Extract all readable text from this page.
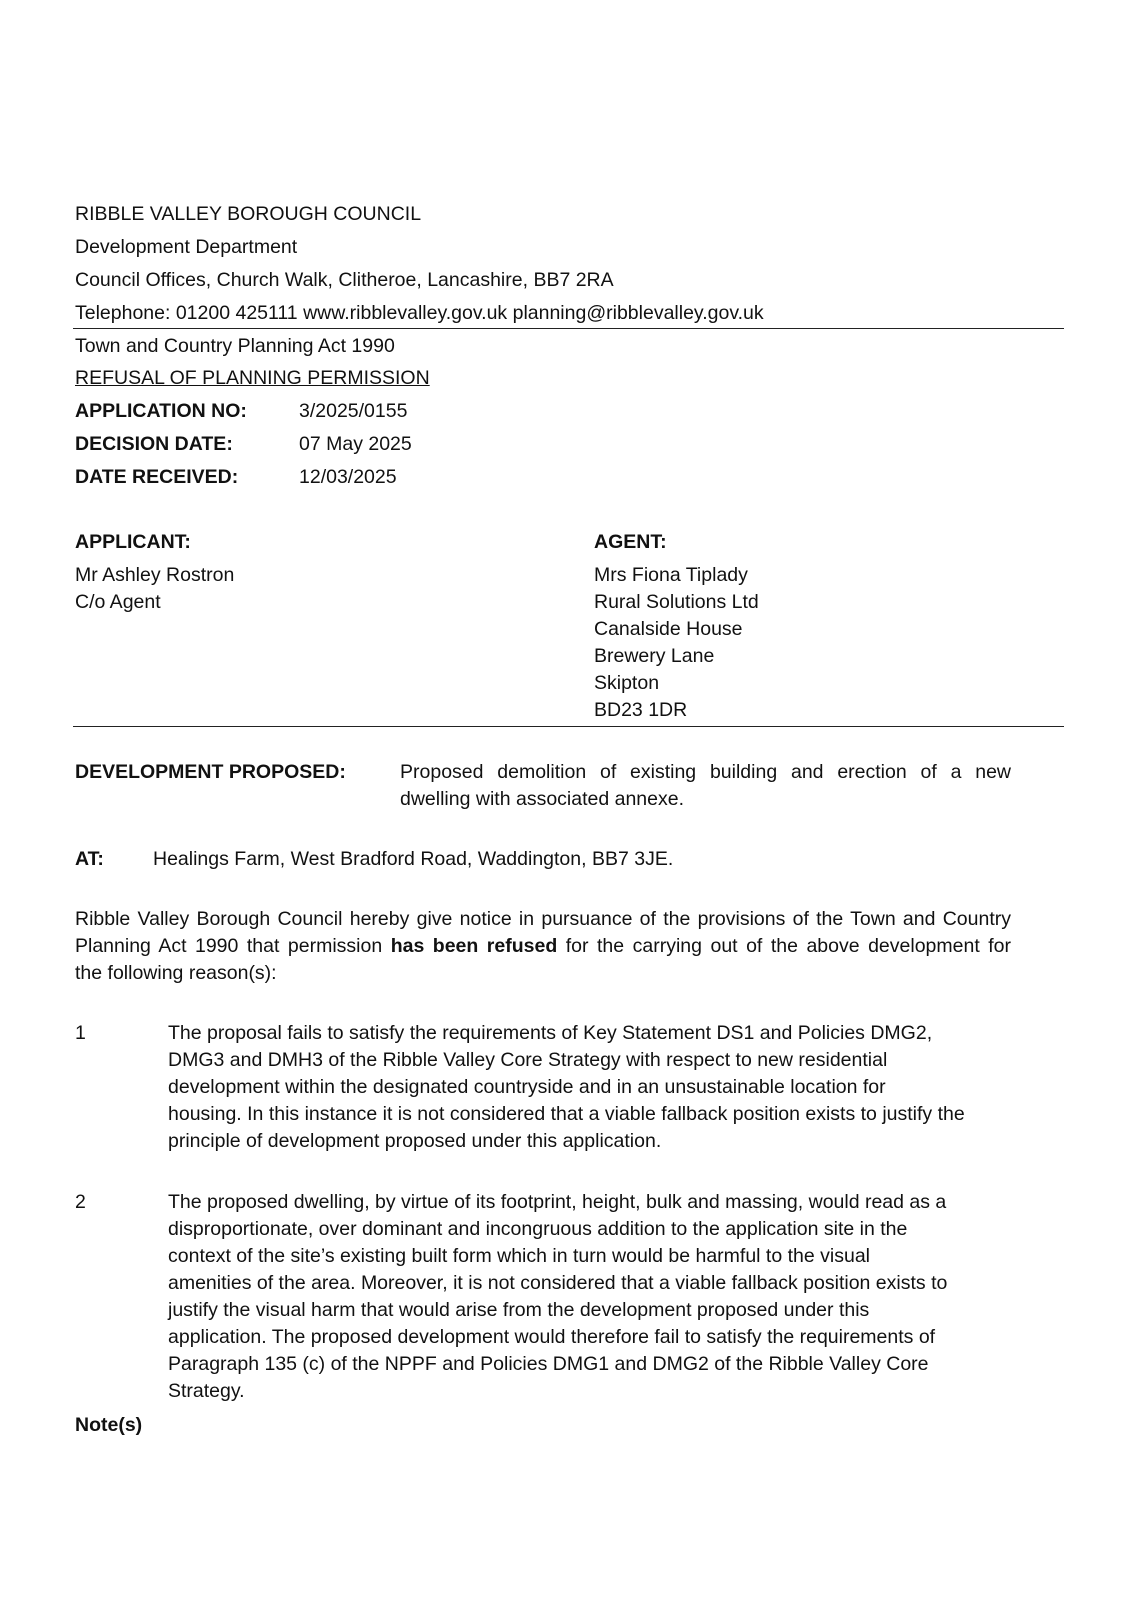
RIBBLE VALLEY BOROUGH COUNCIL
Development Department
Council Offices, Church Walk, Clitheroe, Lancashire, BB7 2RA
Telephone: 01200 425111 www.ribblevalley.gov.uk planning@ribblevalley.gov.uk
Town and Country Planning Act 1990
REFUSAL OF PLANNING PERMISSION
APPLICATION NO:	3/2025/0155
DECISION DATE:	07 May 2025
DATE RECEIVED:	12/03/2025
APPLICANT:
Mr Ashley Rostron
C/o Agent
AGENT:
Mrs Fiona Tiplady
Rural Solutions Ltd
Canalside House
Brewery Lane
Skipton
BD23 1DR
DEVELOPMENT PROPOSED:	Proposed demolition of existing building and erection of a new
dwelling with associated annexe.
AT:	Healings Farm, West Bradford Road, Waddington, BB7 3JE.
Ribble Valley Borough Council hereby give notice in pursuance of the provisions of the Town and Country
Planning Act 1990 that permission has been refused for the carrying out of the above development for
the following reason(s):
1	The proposal fails to satisfy the requirements of Key Statement DS1 and Policies DMG2,
DMG3 and DMH3 of the Ribble Valley Core Strategy with respect to new residential
development within the designated countryside and in an unsustainable location for
housing. In this instance it is not considered that a viable fallback position exists to justify the
principle of development proposed under this application.
2	The proposed dwelling, by virtue of its footprint, height, bulk and massing, would read as a
disproportionate, over dominant and incongruous addition to the application site in the
context of the site’s existing built form which in turn would be harmful to the visual
amenities of the area. Moreover, it is not considered that a viable fallback position exists to
justify the visual harm that would arise from the development proposed under this
application. The proposed development would therefore fail to satisfy the requirements of
Paragraph 135 (c) of the NPPF and Policies DMG1 and DMG2 of the Ribble Valley Core
Strategy.
Note(s)
